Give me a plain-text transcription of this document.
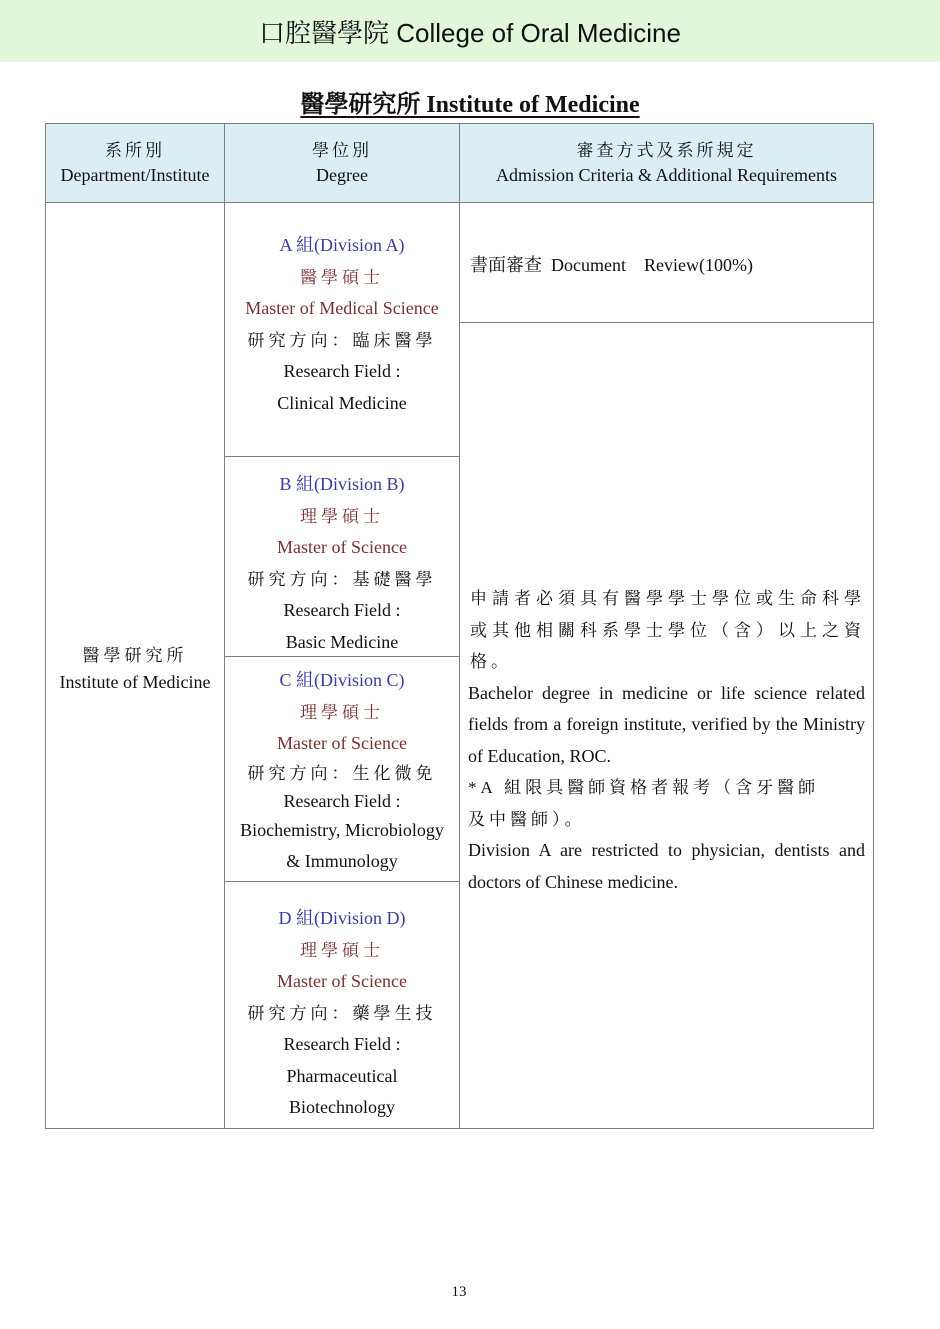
口腔醫學院 College of Oral Medicine
醫學研究所 Institute of Medicine
系所別
Department/Institute
學位別
Degree
審查方式及系所規定
Admission Criteria & Additional Requirements
醫學研究所
Institute of Medicine
A 組(Division A)
醫學碩士
Master of Medical Science
研究方向：臨床醫學
Research Field :
Clinical Medicine
B 組(Division B)
理學碩士
Master of Science
研究方向：基礎醫學
Research Field :
Basic Medicine
C 組(Division C)
理學碩士
Master of Science
研究方向：生化微免
Research Field :
Biochemistry, Microbiology
& Immunology
D 組(Division D)
理學碩士
Master of Science
研究方向：藥學生技
Research Field :
Pharmaceutical
Biotechnology
書面審查  Document    Review(100%)
申請者必須具有醫學學士學位或生命科學或其他相關科系學士學位（含）以上之資格。
Bachelor degree in medicine or life science related fields from a foreign institute, verified by the Ministry of Education, ROC.
*A 組限具醫師資格者報考（含牙醫師及中醫師）。
Division A are restricted to physician, dentists and doctors of Chinese medicine.
13
